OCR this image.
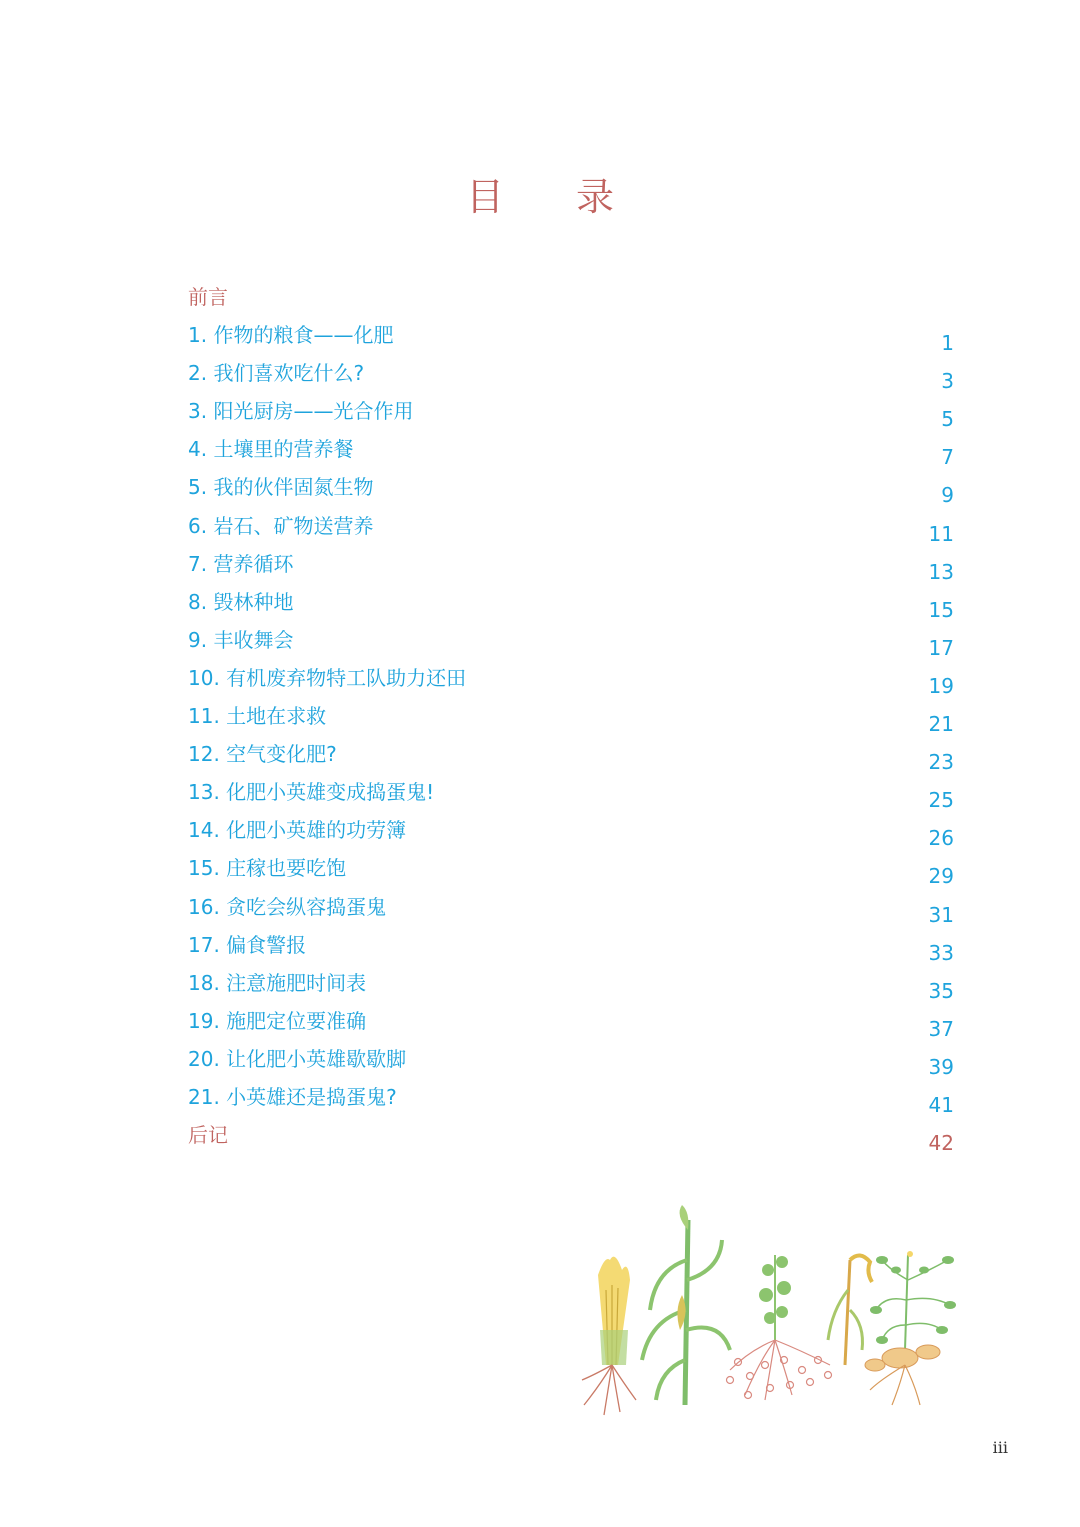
目 录
前言
1. 作物的粮食——化肥	1
2. 我们喜欢吃什么?	3
3. 阳光厨房——光合作用	5
4. 土壤里的营养餐	7
5. 我的伙伴固氮生物	9
6. 岩石、矿物送营养	11
7. 营养循环	13
8. 毁林种地	15
9. 丰收舞会	17
10. 有机废弃物特工队助力还田	19
11. 土地在求救	21
12. 空气变化肥?	23
13. 化肥小英雄变成捣蛋鬼!	25
14. 化肥小英雄的功劳簿	26
15. 庄稼也要吃饱	29
16. 贪吃会纵容捣蛋鬼	31
17. 偏食警报	33
18. 注意施肥时间表	35
19. 施肥定位要准确	37
20. 让化肥小英雄歇歇脚	39
21. 小英雄还是捣蛋鬼?	41
后记	42
iii
